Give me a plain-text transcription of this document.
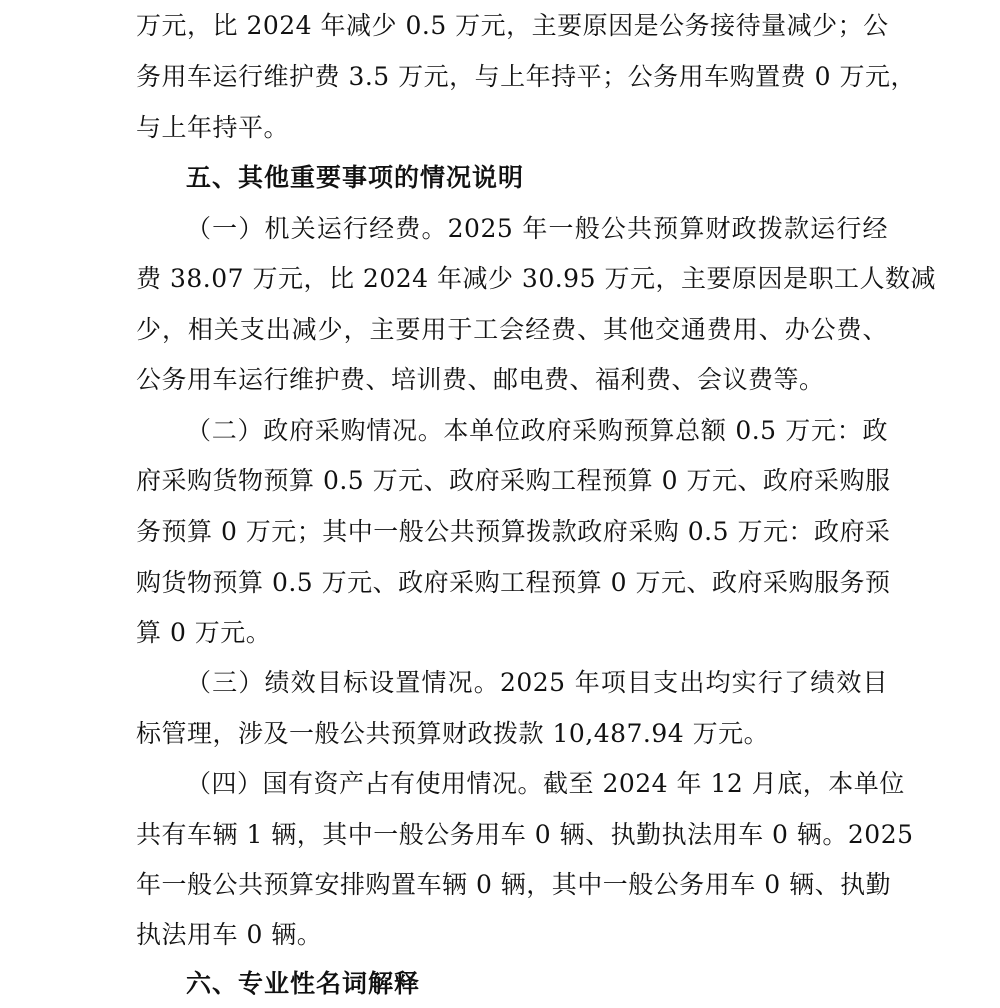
万元，比 2024 年减少 0.5 万元，主要原因是公务接待量减少；公
务用车运行维护费 3.5 万元，与上年持平；公务用车购置费 0 万元，
与上年持平。
五、其他重要事项的情况说明
（一）机关运行经费。2025 年一般公共预算财政拨款运行经
费 38.07 万元，比 2024 年减少 30.95 万元，主要原因是职工人数减
少，相关支出减少，主要用于工会经费、其他交通费用、办公费、
公务用车运行维护费、培训费、邮电费、福利费、会议费等。
（二）政府采购情况。本单位政府采购预算总额 0.5 万元：政
府采购货物预算 0.5 万元、政府采购工程预算 0 万元、政府采购服
务预算 0 万元；其中一般公共预算拨款政府采购 0.5 万元：政府采
购货物预算 0.5 万元、政府采购工程预算 0 万元、政府采购服务预
算 0 万元。
（三）绩效目标设置情况。2025 年项目支出均实行了绩效目
标管理，涉及一般公共预算财政拨款 10,487.94 万元。
（四）国有资产占有使用情况。截至 2024 年 12 月底，本单位
共有车辆 1 辆，其中一般公务用车 0 辆、执勤执法用车 0 辆。2025
年一般公共预算安排购置车辆 0 辆，其中一般公务用车 0 辆、执勤
执法用车 0 辆。
六、专业性名词解释
